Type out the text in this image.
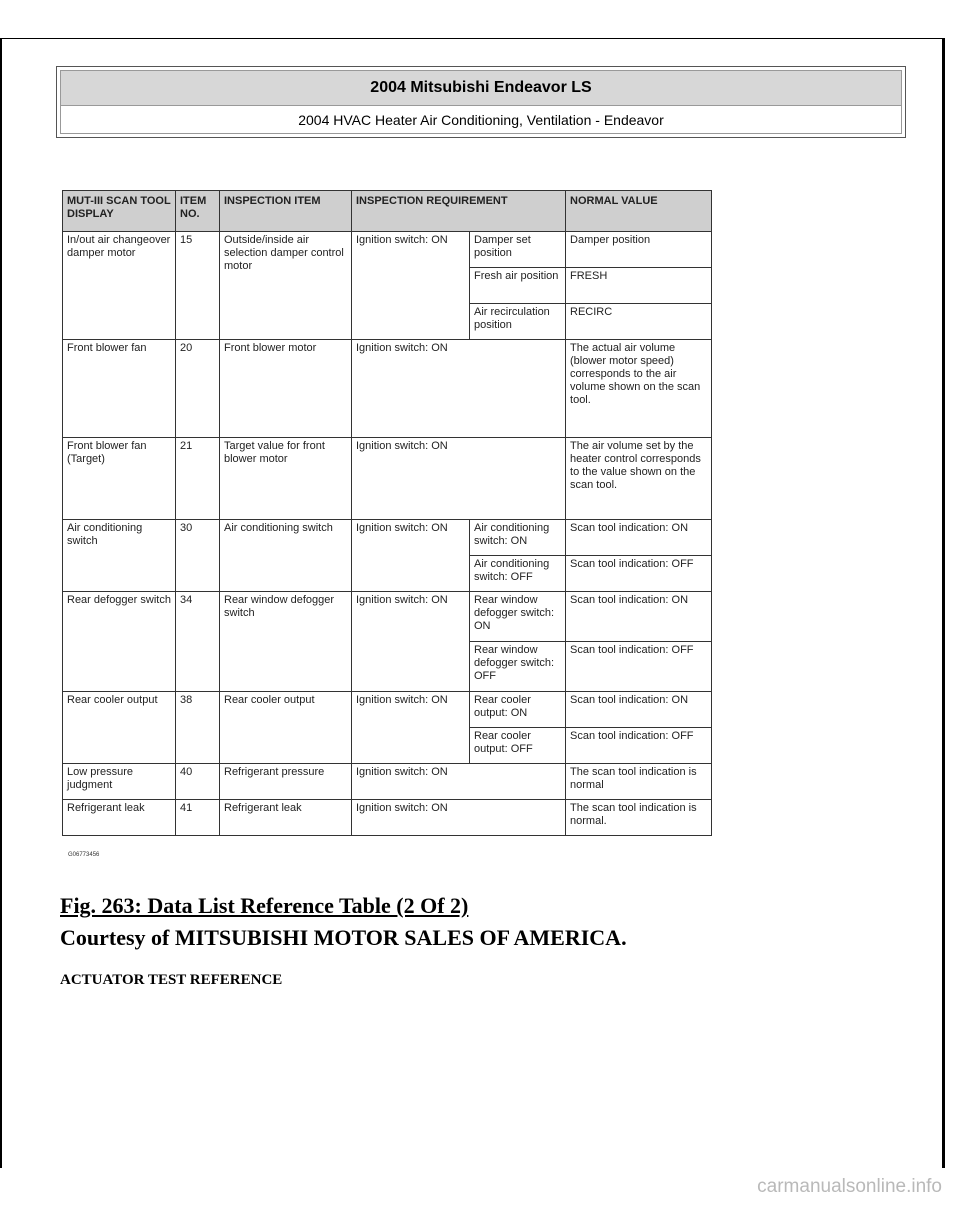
2004 Mitsubishi Endeavor LS
2004 HVAC Heater Air Conditioning, Ventilation - Endeavor
MUT-III SCAN TOOL DISPLAY	ITEM NO.	INSPECTION ITEM	INSPECTION REQUIREMENT		NORMAL VALUE
In/out air changeover damper motor	15	Outside/inside air selection damper control motor	Ignition switch: ON	Damper set position	Damper position
				Fresh air position	FRESH
				Air recirculation position	RECIRC
Front blower fan	20	Front blower motor	Ignition switch: ON		The actual air volume (blower motor speed) corresponds to the air volume shown on the scan tool.
Front blower fan (Target)	21	Target value for front blower motor	Ignition switch: ON		The air volume set by the heater control corresponds to the value shown on the scan tool.
Air conditioning switch	30	Air conditioning switch	Ignition switch: ON	Air conditioning switch: ON	Scan tool indication: ON
				Air conditioning switch: OFF	Scan tool indication: OFF
Rear defogger switch	34	Rear window defogger switch	Ignition switch: ON	Rear window defogger switch: ON	Scan tool indication: ON
				Rear window defogger switch: OFF	Scan tool indication: OFF
Rear cooler output	38	Rear cooler output	Ignition switch: ON	Rear cooler output: ON	Scan tool indication: ON
				Rear cooler output: OFF	Scan tool indication: OFF
Low pressure judgment	40	Refrigerant pressure	Ignition switch: ON		The scan tool indication is normal
Refrigerant leak	41	Refrigerant leak	Ignition switch: ON		The scan tool indication is normal.
G06773456
Fig. 263: Data List Reference Table (2 Of 2)
Courtesy of MITSUBISHI MOTOR SALES OF AMERICA.
ACTUATOR TEST REFERENCE
carmanualsonline.info
